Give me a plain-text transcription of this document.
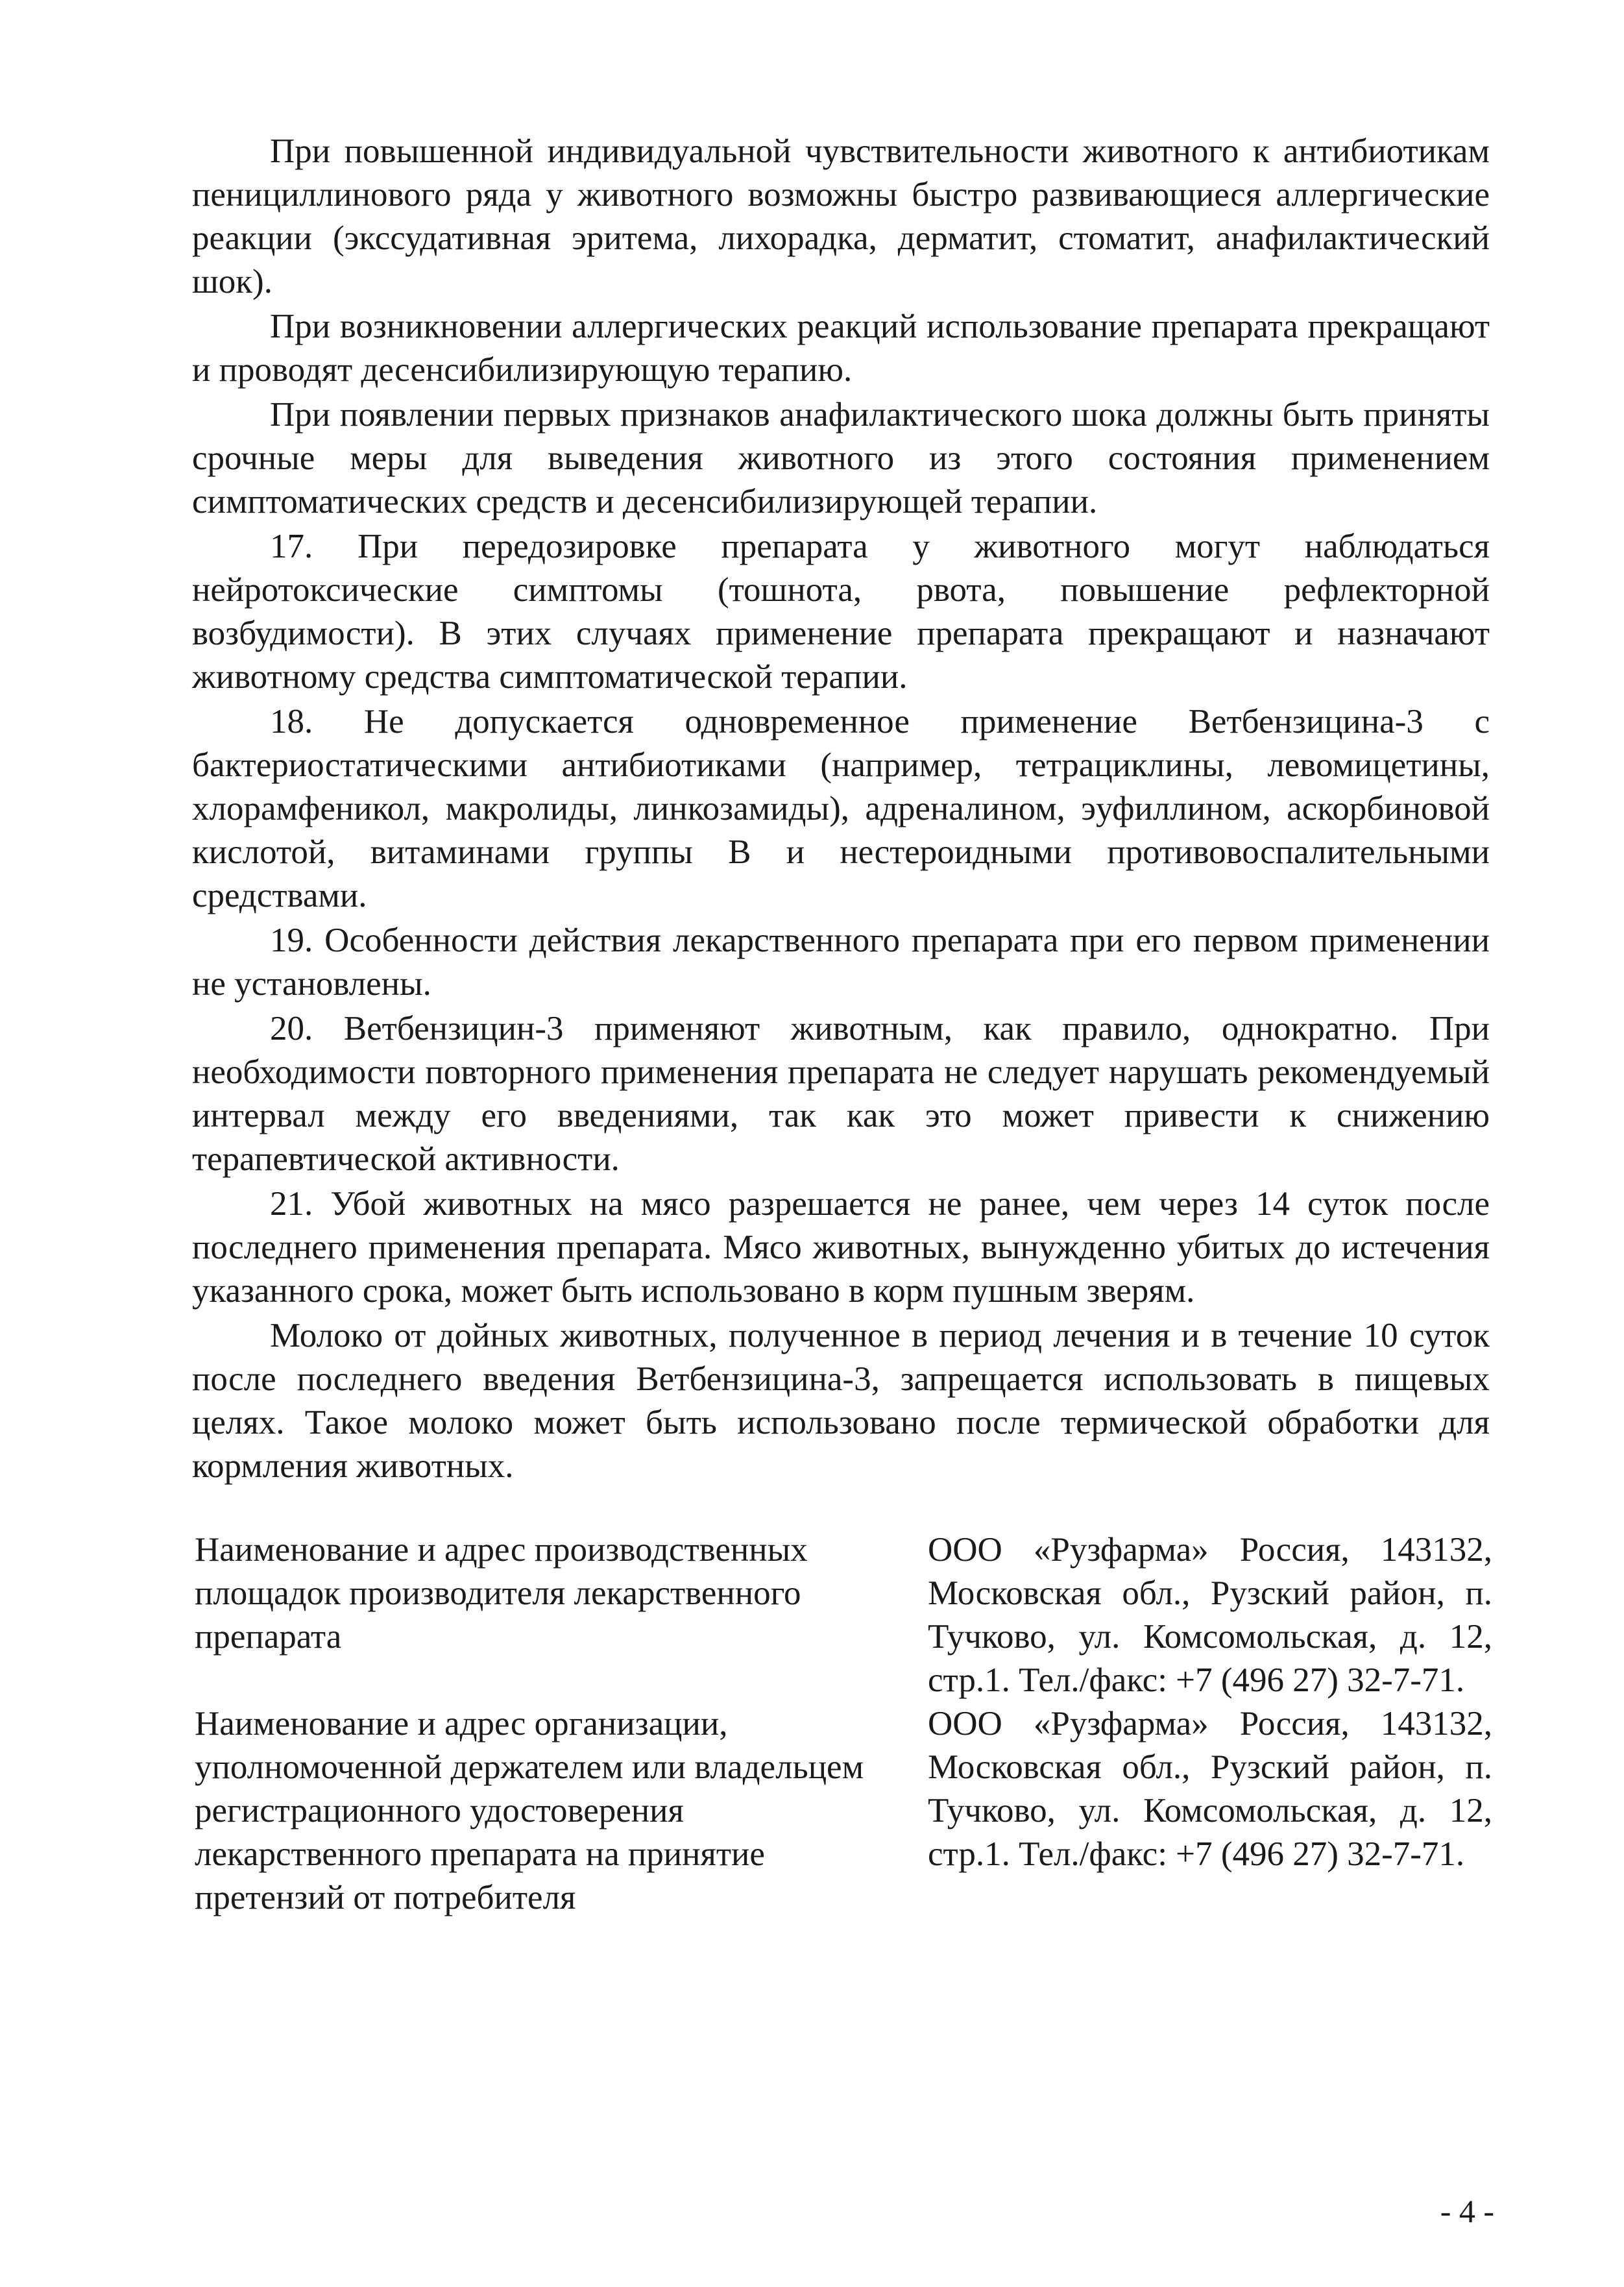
При повышенной индивидуальной чувствительности животного к антибиотикам пенициллинового ряда у животного возможны быстро развивающиеся аллергические реакции (экссудативная эритема, лихорадка, дерматит, стоматит, анафилактический шок).

При возникновении аллергических реакций использование препарата прекращают и проводят десенсибилизирующую терапию.

При появлении первых признаков анафилактического шока должны быть приняты срочные меры для выведения животного из этого состояния применением симптоматических средств и десенсибилизирующей терапии.

17. При передозировке препарата у животного могут наблюдаться нейротоксические симптомы (тошнота, рвота, повышение рефлекторной возбудимости). В этих случаях применение препарата прекращают и назначают животному средства симптоматической терапии.

18. Не допускается одновременное применение Ветбензицина-3 с бактериостатическими антибиотиками (например, тетрациклины, левомицетины, хлорамфеникол, макролиды, линкозамиды), адреналином, эуфиллином, аскорбиновой кислотой, витаминами группы В и нестероидными противовоспалительными средствами.

19. Особенности действия лекарственного препарата при его первом применении не установлены.

20. Ветбензицин-3 применяют животным, как правило, однократно. При необходимости повторного применения препарата не следует нарушать рекомендуемый интервал между его введениями, так как это может привести к снижению терапевтической активности.

21. Убой животных на мясо разрешается не ранее, чем через 14 суток после последнего применения препарата. Мясо животных, вынужденно убитых до истечения указанного срока, может быть использовано в корм пушным зверям.

Молоко от дойных животных, полученное в период лечения и в течение 10 суток после последнего введения Ветбензицина-3, запрещается использовать в пищевых целях. Такое молоко может быть использовано после термической обработки для кормления животных.

Наименование и адрес производственных площадок производителя лекарственного препарата	ООО «Рузфарма» Россия, 143132, Московская обл., Рузский район, п. Тучково, ул. Комсомольская, д. 12, стр.1. Тел./факс: +7 (496 27) 32-7-71.
Наименование и адрес организации, уполномоченной держателем или владельцем регистрационного удостоверения лекарственного препарата на принятие претензий от потребителя	ООО «Рузфарма» Россия, 143132, Московская обл., Рузский район, п. Тучково, ул. Комсомольская, д. 12, стр.1. Тел./факс: +7 (496 27) 32-7-71.
- 4 -
